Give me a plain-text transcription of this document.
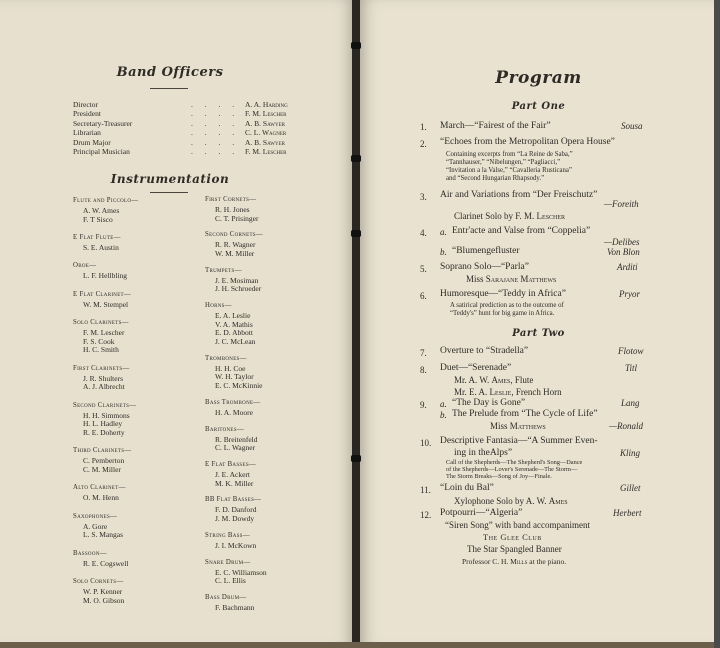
Band Officers
Director	. . . . A. A. Harding
President	. . . . F. M. Lescher
Secretary-Treasurer	. . . . A. B. Sawyer
Librarian	. . . . C. L. Wagner
Drum Major	. . . . A. B. Sawyer
Principal Musician	. . . . F. M. Lescher
Instrumentation
Flute and Piccolo—
A. W. Ames
F. T Sisco
E Flat Flute—
S. E. Austin
Oboe—
L. F. Hellbling
E Flat Clarinet—
W. M. Stempel
Solo Clarinets—
F. M. Lescher
F. S. Cook
H. C. Smith
First Clarinets—
J. R. Shulters
A. J. Albrecht
Second Clarinets—
H. H. Simmons
H. L. Hadley
R. E. Doherty
Third Clarinets—
C. Pemberton
C. M. Miller
Alto Clarinet—
O. M. Henn
Saxophones—
A. Gore
L. S. Mangas
Bassoon—
R. E. Cogswell
Solo Cornets—
W. P. Kenner
M. O. Gibson
First Cornets—
R. H. Jones
C. T. Prisinger
Second Cornets—
R. R. Wagner
W. M. Miller
Trumpets—
J. E. Mosiman
J. H. Schroeder
Horns—
E. A. Leslie
V. A. Mathis
E. D. Abbott
J. C. McLean
Trombones—
H. H. Coe
W. H. Taylor
E. C. McKinnie
Bass Trombone—
H. A. Moore
Baritones—
R. Breitenfeld
C. L. Wagner
E Flat Basses—
J. E. Ackert
M. K. Miller
BB Flat Basses—
F. D. Danford
J. M. Dowdy
String Bass—
J. I. McKown
Snare Drum—
E. C. Williamson
C. L. Ellis
Bass Drum—
F. Bachmann
Program
Part One
1. March—“Fairest of the Fair”	Sousa
2. “Echoes from the Metropolitan Opera House”
Containing excerpts from “La Reine de Saba,”
“Tannhauser,” “Nibelungen,” “Pagliacci,”
“Invitation a la Valse,” “Cavalleria Rusticana”
and “Second Hungarian Rhapsody.”
3. Air and Variations from “Der Freischutz”
—Foreith
Clarinet Solo by F. M. Lescher
4. a. Entr'acte and Valse from “Coppelia”
—Delibes
b. “Blumengefluster	Von Blon
5. Soprano Solo—“Parla”	Arditi
Miss Sarajane Matthews
6. Humoresque—“Teddy in Africa”	Pryor
A satirical prediction as to the outcome of
“Teddy's” hunt for big game in Africa.
Part Two
7. Overture to “Stradella”	Flotow
8. Duet—“Serenade”	Titl
Mr. A. W. Ames, Flute
Mr. E. A. Leslie, French Horn
9. a. “The Day is Gone”	Lang
b. The Prelude from “The Cycle of Life”
Miss Matthews	—Ronald
10. Descriptive Fantasia—“A Summer Even-
ing in theAlps”	Kling
Call of the Shepherds—The Shepherd's Song—Dance
of the Shepherds—Lover's Serenade—The Storm—
The Storm Breaks—Song of Joy—Finale.
11. “Loin du Bal”	Gillet
Xylophone Solo by A. W. Ames
12. Potpourri—“Algeria”	Herbert
“Siren Song” with band accompaniment
The Glee Club
The Star Spangled Banner
Professor C. H. Mills at the piano.
